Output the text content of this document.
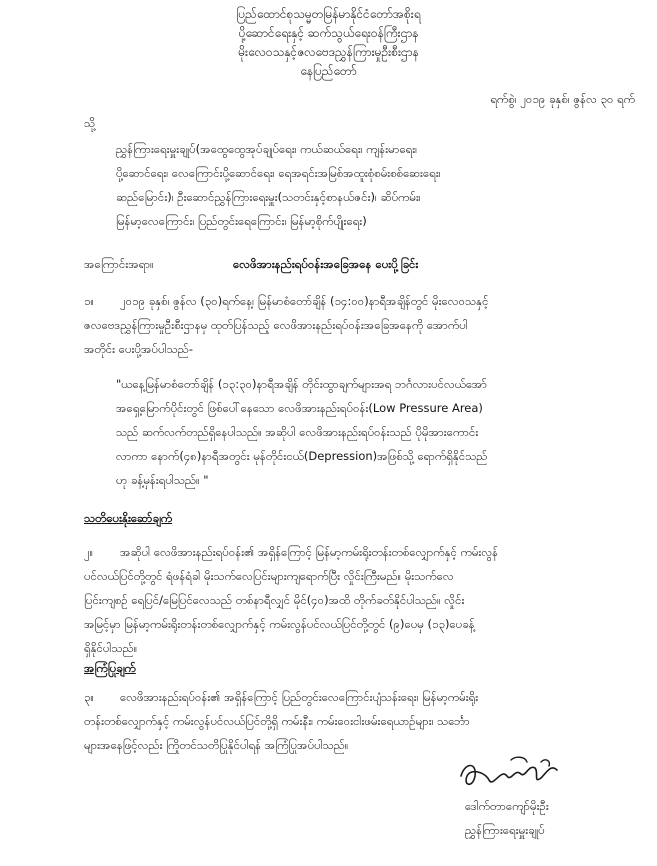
ပြည်ထောင်စုသမ္မတမြန်မာနိုင်ငံတော်အစိုးရ
ပို့ဆောင်ရေးနှင့် ဆက်သွယ်ရေးဝန်ကြီးဌာန
မိုးလေဝသနှင့်ဇလဗေဒညွှန်ကြားမှုဦးစီးဌာန
နေပြည်တော်
ရက်စွဲ၊ ၂၀၁၉ ခုနှစ်၊ ဇွန်လ ၃၀ ရက်
သို့
ညွှန်ကြားရေးမှူးချုပ်(အထွေထွေအုပ်ချုပ်ရေး၊ ကယ်ဆယ်ရေး၊ ကျန်းမာရေး၊
ပို့ဆောင်ရေး၊ လေကြောင်းပို့ဆောင်ရေး၊ ရေအရင်းအမြစ်အထူးစုံစမ်းစစ်ဆေးရေး၊
ဆည်မြောင်း)၊ ဦးဆောင်ညွှန်ကြားရေးမှူး(သတင်းနှင့်စာနယ်ဇင်း)၊ ဆိပ်ကမ်း၊
မြန်မာ့လေကြောင်း၊ ပြည်တွင်းရေကြောင်း၊ မြန်မာ့စိုက်ပျိုးရေး)
အကြောင်းအရာ။	လေဖိအားနည်းရပ်ဝန်းအခြေအနေ ပေးပို့ခြင်း
၁။ ၂၀၁၉ ခုနှစ်၊ ဇွန်လ (၃၀)ရက်နေ့၊ မြန်မာစံတော်ချိန် (၁၄:၀၀)နာရီအချိန်တွင် မိုးလေဝသနှင့်
ဇလဗေဒညွှန်ကြားမှုဦးစီးဌာနမှ ထုတ်ပြန်သည့် လေဖိအားနည်းရပ်ဝန်းအခြေအနေကို အောက်ပါ
အတိုင်း ပေးပို့အပ်ပါသည်-
"ယနေ့မြန်မာစံတော်ချိန် (၁၃:၃၀)နာရီအချိန် တိုင်းထွာချက်များအရ ဘင်္ဂလားပင်လယ်အော်
အရှေ့မြောက်ပိုင်းတွင် ဖြစ်ပေါ်နေသော လေဖိအားနည်းရပ်ဝန်း(Low Pressure Area)
သည် ဆက်လက်တည်ရှိနေပါသည်။ အဆိုပါ လေဖိအားနည်းရပ်ဝန်းသည် ပိုမိုအားကောင်း
လာကာ နောက်(၄၈)နာရီအတွင်း မုန်တိုင်းငယ်(Depression)အဖြစ်သို့ ရောက်ရှိနိုင်သည်
ဟု ခန့်မှန်းရပါသည်။ "
သတိပေးနိုးဆော်ချက်
၂။ အဆိုပါ လေဖိအားနည်းရပ်ဝန်း၏ အရှိန်ကြောင့် မြန်မာ့ကမ်းရိုးတန်းတစ်လျှောက်နှင့် ကမ်းလွန်
ပင်လယ်ပြင်တို့တွင် ရံဖန်ရံခါ မိုးသက်လေပြင်းများကျရောက်ပြီး လှိုင်းကြီးမည်။ မိုးသက်လေ
ပြင်းကျစဉ် ရေပြင်/မြေပြင်လေသည် တစ်နာရီလျှင် မိုင်(၄၀)အထိ တိုက်ခတ်နိုင်ပါသည်။ လှိုင်း
အမြင့်မှာ မြန်မာ့ကမ်းရိုးတန်းတစ်လျှောက်နှင့် ကမ်းလွန်ပင်လယ်ပြင်တို့တွင် (၉)ပေမှ (၁၃)ပေခန့်
ရှိနိုင်ပါသည်။
အကြံပြုချက်
၃။ လေဖိအားနည်းရပ်ဝန်း၏ အရှိန်ကြောင့် ပြည်တွင်းလေကြောင်းပျံသန်းရေး၊ မြန်မာ့ကမ်းရိုး
တန်းတစ်လျှောက်နှင့် ကမ်းလွန်ပင်လယ်ပြင်တို့ရှိ ကမ်းနီး၊ ကမ်းဝေးငါးဖမ်းရေယာဉ်များ၊ သင်္ဘော
များအနေဖြင့်လည်း ကြိုတင်သတိပြုနိုင်ပါရန် အကြံပြုအပ်ပါသည်။
ဒေါက်တာကျော်မိုးဦး
ညွှန်ကြားရေးမှူးချုပ်
